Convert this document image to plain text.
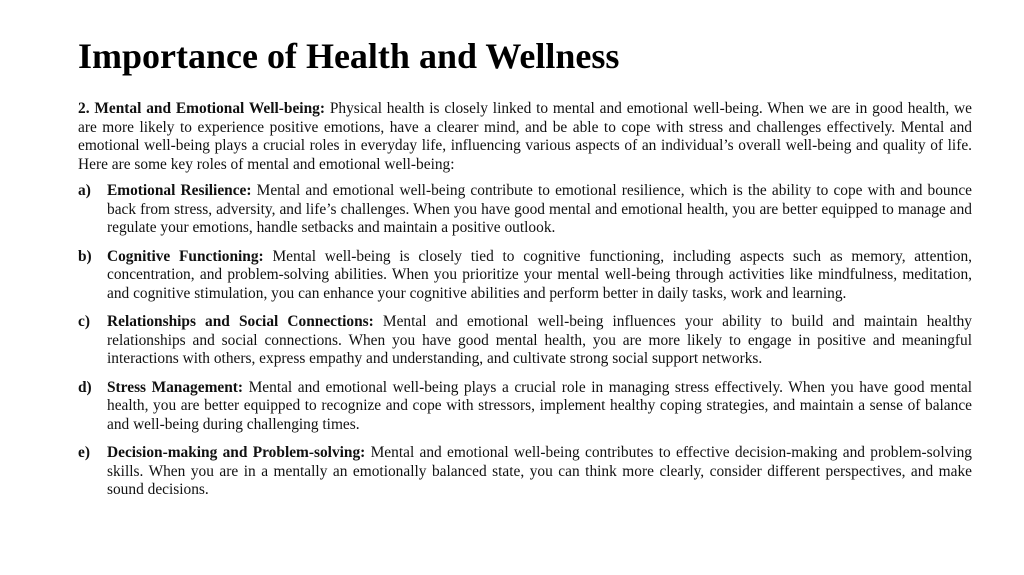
Importance of Health and Wellness

2. Mental and Emotional Well-being: Physical health is closely linked to mental and emotional well-being. When we are in good health, we are more likely to experience positive emotions, have a clearer mind, and be able to cope with stress and challenges effectively. Mental and emotional well-being plays a crucial roles in everyday life, influencing various aspects of an individual’s overall well-being and quality of life. Here are some key roles of mental and emotional well-being:

a)	Emotional Resilience: Mental and emotional well-being contribute to emotional resilience, which is the ability to cope with and bounce back from stress, adversity, and life’s challenges. When you have good mental and emotional health, you are better equipped to manage and regulate your emotions, handle setbacks and maintain a positive outlook.
b) Cognitive Functioning: Mental well-being is closely tied to cognitive functioning, including aspects such as memory, attention, concentration, and problem-solving abilities. When you prioritize your mental well-being through activities like mindfulness, meditation, and cognitive stimulation, you can enhance your cognitive abilities and perform better in daily tasks, work and learning.
c)	Relationships and Social Connections: Mental and emotional well-being influences your ability to build and maintain healthy relationships and social connections. When you have good mental health, you are more likely to engage in positive and meaningful interactions with others, express empathy and understanding, and cultivate strong social support networks.
d) Stress Management: Mental and emotional well-being plays a crucial role in managing stress effectively. When you have good mental health, you are better equipped to recognize and cope with stressors, implement healthy coping strategies, and maintain a sense of balance and well-being during challenging times.
e)	Decision-making and Problem-solving: Mental and emotional well-being contributes to effective decision-making and problem-solving skills. When you are in a mentally an emotionally balanced state, you can think more clearly, consider different perspectives, and make sound decisions.
